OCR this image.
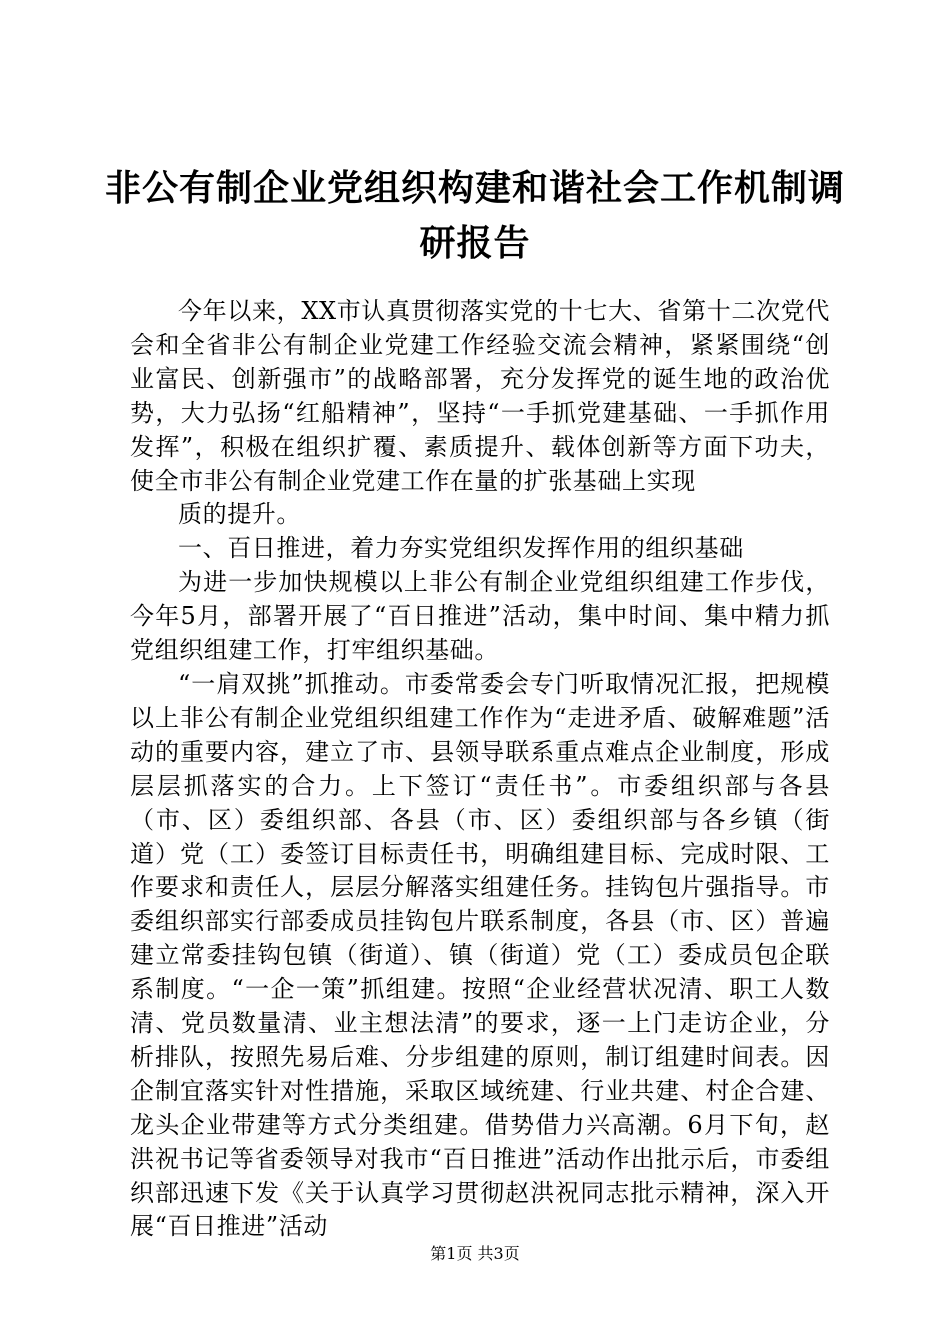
非公有制企业党组织构建和谐社会工作机制调
研报告

今年以来，XX市认真贯彻落实党的十七大、省第十二次党代会和全省非公有制企业党建工作经验交流会精神，紧紧围绕“创业富民、创新强市”的战略部署，充分发挥党的诞生地的政治优势，大力弘扬“红船精神”，坚持“一手抓党建基础、一手抓作用发挥”，积极在组织扩覆、素质提升、载体创新等方面下功夫，使全市非公有制企业党建工作在量的扩张基础上实现

质的提升。

一、百日推进，着力夯实党组织发挥作用的组织基础

为进一步加快规模以上非公有制企业党组织组建工作步伐，今年5月，部署开展了“百日推进”活动，集中时间、集中精力抓党组织组建工作，打牢组织基础。

“一肩双挑”抓推动。市委常委会专门听取情况汇报，把规模以上非公有制企业党组织组建工作作为“走进矛盾、破解难题”活动的重要内容，建立了市、县领导联系重点难点企业制度，形成层层抓落实的合力。上下签订“责任书”。市委组织部与各县（市、区）委组织部、各县（市、区）委组织部与各乡镇（街道）党（工）委签订目标责任书，明确组建目标、完成时限、工作要求和责任人，层层分解落实组建任务。挂钩包片强指导。市委组织部实行部委成员挂钩包片联系制度，各县（市、区）普遍建立常委挂钩包镇（街道）、镇（街道）党（工）委成员包企联系制度。“一企一策”抓组建。按照“企业经营状况清、职工人数清、党员数量清、业主想法清”的要求，逐一上门走访企业，分析排队，按照先易后难、分步组建的原则，制订组建时间表。因企制宜落实针对性措施，采取区域统建、行业共建、村企合建、龙头企业带建等方式分类组建。借势借力兴高潮。6月下旬，赵洪祝书记等省委领导对我市“百日推进”活动作出批示后，市委组织部迅速下发《关于认真学习贯彻赵洪祝同志批示精神，深入开展“百日推进”活动

第1页 共3页
